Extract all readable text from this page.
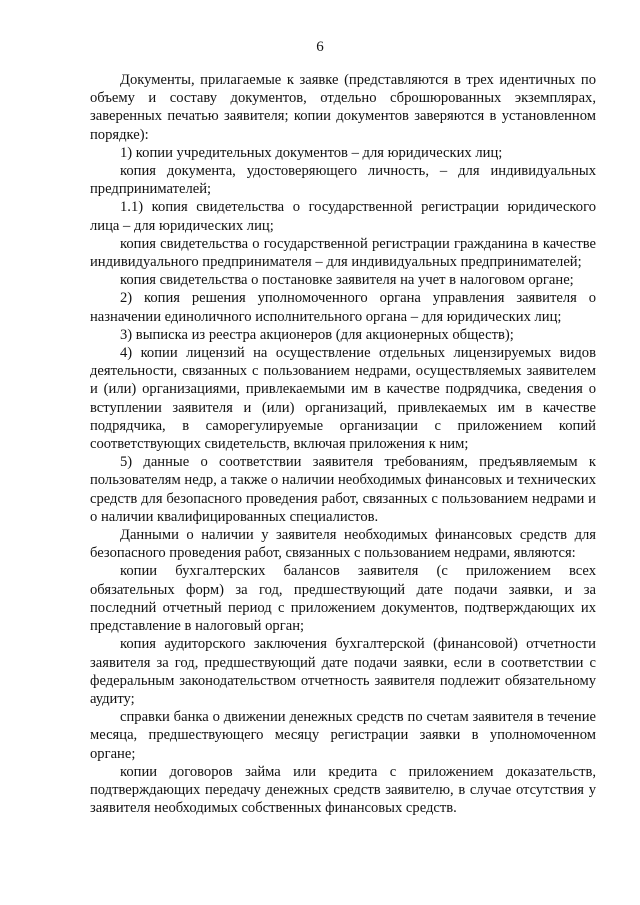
6

Документы, прилагаемые к заявке (представляются в трех идентичных по объему и составу документов, отдельно сброшюрованных экземплярах, заверенных печатью заявителя; копии документов заверяются в установленном порядке):

1) копии учредительных документов – для юридических лиц;

копия документа, удостоверяющего личность, – для индивидуальных предпринимателей;

1.1) копия свидетельства о государственной регистрации юридического лица – для юридических лиц;

копия свидетельства о государственной регистрации гражданина в качестве индивидуального предпринимателя – для индивидуальных предпринимателей;

копия свидетельства о постановке заявителя на учет в налоговом органе;

2) копия решения уполномоченного органа управления заявителя о назначении единоличного исполнительного органа – для юридических лиц;

3) выписка из реестра акционеров (для акционерных обществ);

4) копии лицензий на осуществление отдельных лицензируемых видов деятельности, связанных с пользованием недрами, осуществляемых заявителем и (или) организациями, привлекаемыми им в качестве подрядчика, сведения о вступлении заявителя и (или) организаций, привлекаемых им в качестве подрядчика, в саморегулируемые организации с приложением копий соответствующих свидетельств, включая приложения к ним;

5) данные о соответствии заявителя требованиям, предъявляемым к пользователям недр, а также о наличии необходимых финансовых и технических средств для безопасного проведения работ, связанных с пользованием недрами и о наличии квалифицированных специалистов.

Данными о наличии у заявителя необходимых финансовых средств для безопасного проведения работ, связанных с пользованием недрами, являются:

копии бухгалтерских балансов заявителя (с приложением всех обязательных форм) за год, предшествующий дате подачи заявки, и за последний отчетный период с приложением документов, подтверждающих их представление в налоговый орган;

копия аудиторского заключения бухгалтерской (финансовой) отчетности заявителя за год, предшествующий дате подачи заявки, если в соответствии с федеральным законодательством отчетность заявителя подлежит обязательному аудиту;

справки банка о движении денежных средств по счетам заявителя в течение месяца, предшествующего месяцу регистрации заявки в уполномоченном органе;

копии договоров займа или кредита с приложением доказательств, подтверждающих передачу денежных средств заявителю, в случае отсутствия у заявителя необходимых собственных финансовых средств.
